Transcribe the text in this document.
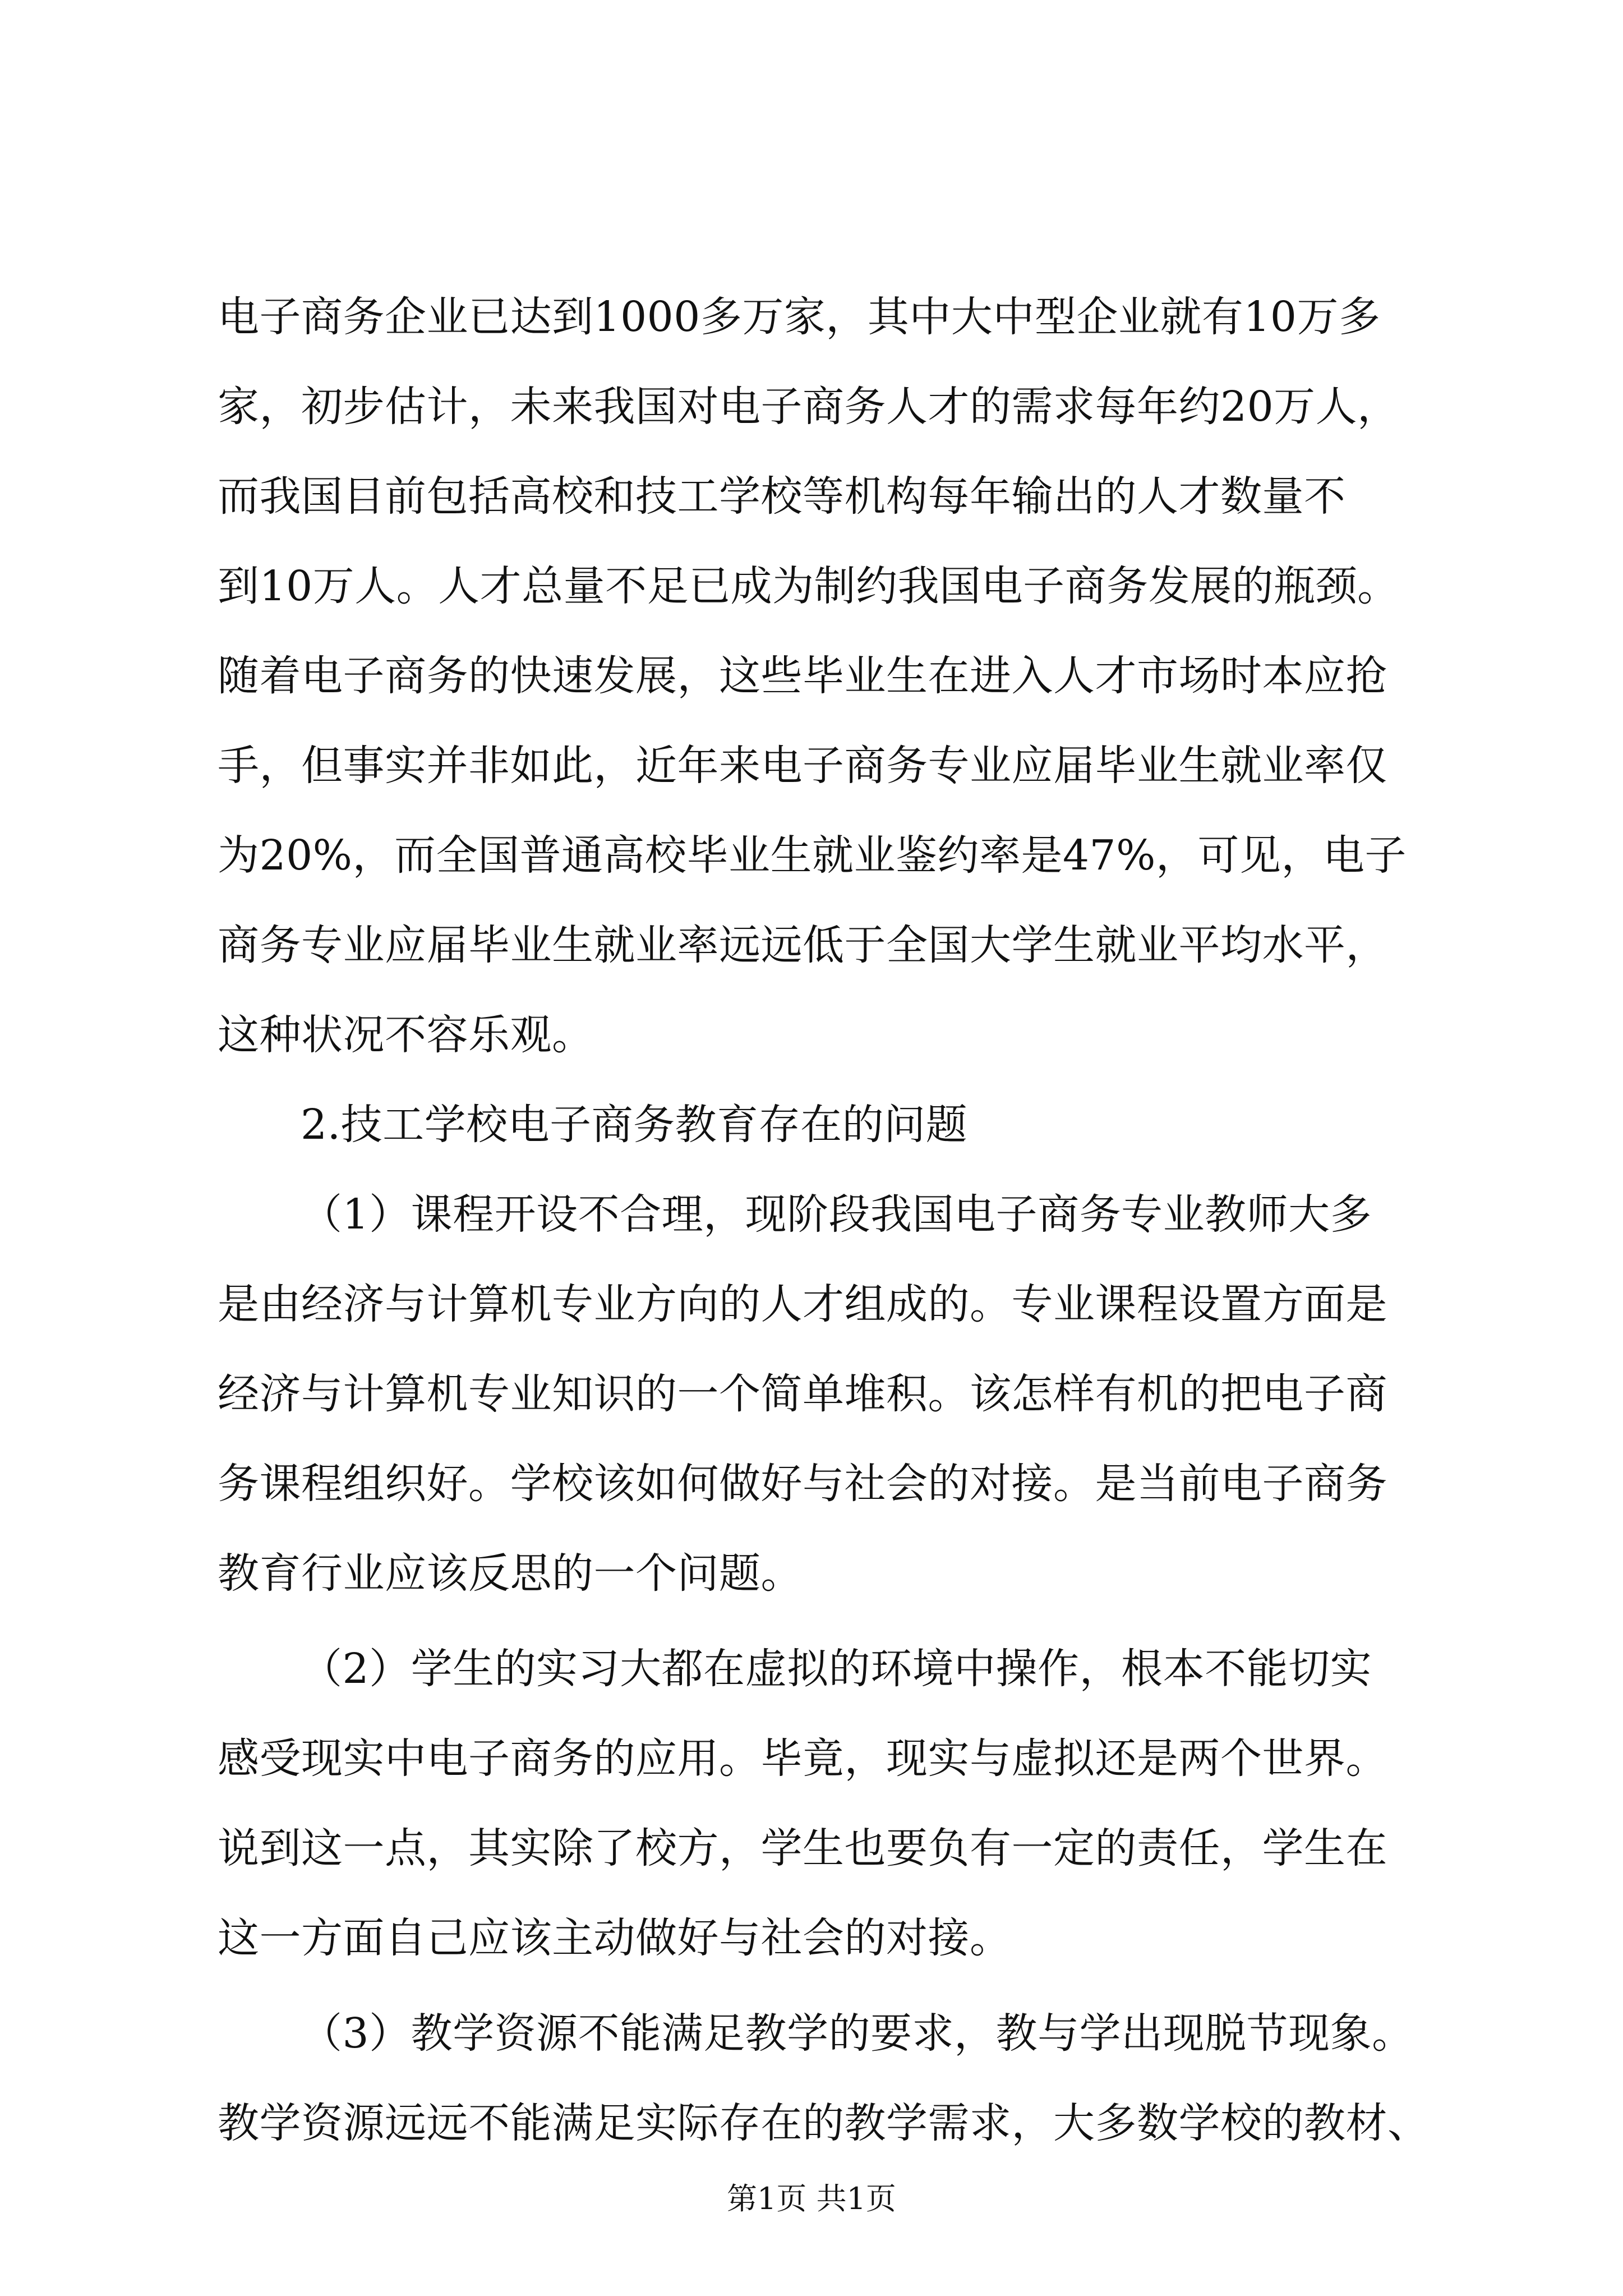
电子商务企业已达到1000多万家，其中大中型企业就有10万多
家，初步估计，未来我国对电子商务人才的需求每年约20万人，
而我国目前包括高校和技工学校等机构每年输出的人才数量不
到10万人。人才总量不足已成为制约我国电子商务发展的瓶颈。
随着电子商务的快速发展，这些毕业生在进入人才市场时本应抢
手，但事实并非如此，近年来电子商务专业应届毕业生就业率仅
为20%，而全国普通高校毕业生就业鉴约率是47%，可见，电子
商务专业应届毕业生就业率远远低于全国大学生就业平均水平，
这种状况不容乐观。
2.技工学校电子商务教育存在的问题
（1）课程开设不合理，现阶段我国电子商务专业教师大多
是由经济与计算机专业方向的人才组成的。专业课程设置方面是
经济与计算机专业知识的一个简单堆积。该怎样有机的把电子商
务课程组织好。学校该如何做好与社会的对接。是当前电子商务
教育行业应该反思的一个问题。
（2）学生的实习大都在虚拟的环境中操作，根本不能切实
感受现实中电子商务的应用。毕竟，现实与虚拟还是两个世界。
说到这一点，其实除了校方，学生也要负有一定的责任，学生在
这一方面自己应该主动做好与社会的对接。
（3）教学资源不能满足教学的要求，教与学出现脱节现象。
教学资源远远不能满足实际存在的教学需求，大多数学校的教材、
第1页 共1页
